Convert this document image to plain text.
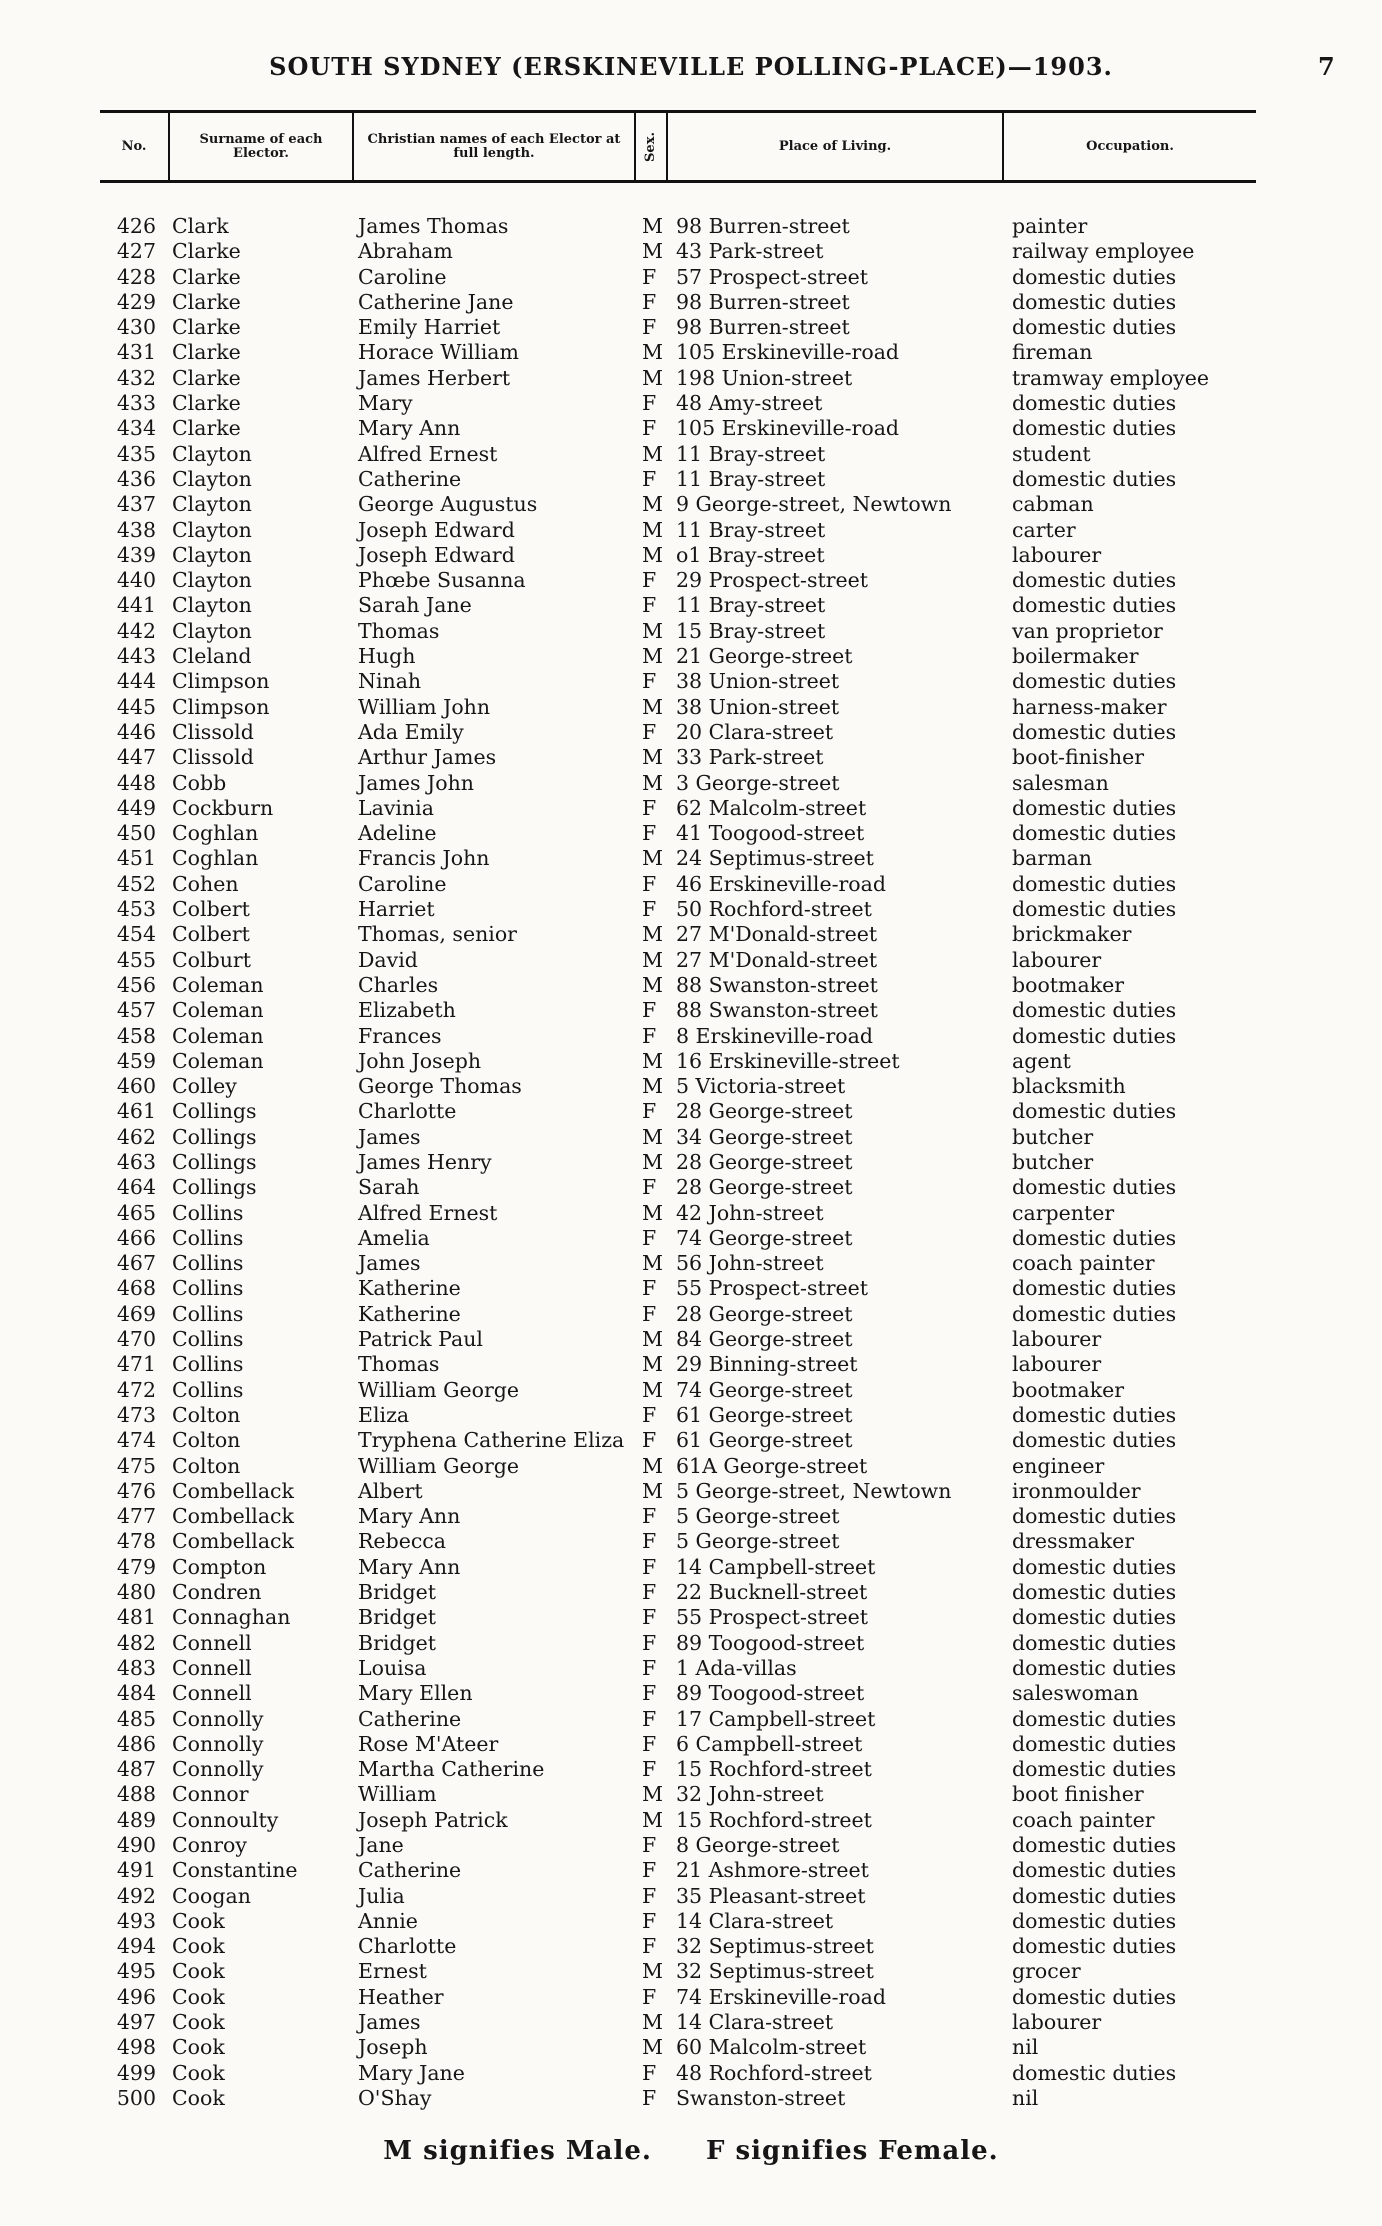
SOUTH SYDNEY (ERSKINEVILLE POLLING-PLACE)—1903.	7
No.	Surname of each Elector.
Christian names of each Elector at full length.	Sex.	Place of Living.	Occupation.
426 Clark	James Thomas	M 98 Burren-street	painter
427 Clarke	Abraham	M 43 Park-street	railway employee
428 Clarke	Caroline	F 57 Prospect-street	domestic duties
429 Clarke	Catherine Jane	F 98 Burren-street	domestic duties
430 Clarke	Emily Harriet	F 98 Burren-street	domestic duties
431 Clarke	Horace William	M 105 Erskineville-road	fireman
432 Clarke	James Herbert	M 198 Union-street	tramway employee
433 Clarke	Mary	F 48 Amy-street	domestic duties
434 Clarke	Mary Ann	F 105 Erskineville-road	domestic duties
435 Clayton	Alfred Ernest	M 11 Bray-street	student
436 Clayton	Catherine	F 11 Bray-street	domestic duties
437 Clayton	George Augustus	M 9 George-street, Newtown	cabman
438 Clayton	Joseph Edward	M 11 Bray-street	carter
439 Clayton	Joseph Edward	M o1 Bray-street	labourer
440 Clayton	Phœbe Susanna	F 29 Prospect-street	domestic duties
441 Clayton	Sarah Jane	F 11 Bray-street	domestic duties
442 Clayton	Thomas	M 15 Bray-street	van proprietor
443 Cleland	Hugh	M 21 George-street	boilermaker
444 Climpson	Ninah	F 38 Union-street	domestic duties
445 Climpson	William John	M 38 Union-street	harness-maker
446 Clissold	Ada Emily	F 20 Clara-street	domestic duties
447 Clissold	Arthur James	M 33 Park-street	boot-finisher
448 Cobb	James John	M 3 George-street	salesman
449 Cockburn	Lavinia	F 62 Malcolm-street	domestic duties
450 Coghlan	Adeline	F 41 Toogood-street	domestic duties
451 Coghlan	Francis John	M 24 Septimus-street	barman
452 Cohen	Caroline	F 46 Erskineville-road	domestic duties
453 Colbert	Harriet	F 50 Rochford-street	domestic duties
454 Colbert	Thomas, senior	M 27 M'Donald-street	brickmaker
455 Colburt	David	M 27 M'Donald-street	labourer
456 Coleman	Charles	M 88 Swanston-street	bootmaker
457 Coleman	Elizabeth	F 88 Swanston-street	domestic duties
458 Coleman	Frances	F 8 Erskineville-road	domestic duties
459 Coleman	John Joseph	M 16 Erskineville-street	agent
460 Colley	George Thomas	M 5 Victoria-street	blacksmith
461 Collings	Charlotte	F 28 George-street	domestic duties
462 Collings	James	M 34 George-street	butcher
463 Collings	James Henry	M 28 George-street	butcher
464 Collings	Sarah	F 28 George-street	domestic duties
465 Collins	Alfred Ernest	M 42 John-street	carpenter
466 Collins	Amelia	F 74 George-street	domestic duties
467 Collins	James	M 56 John-street	coach painter
468 Collins	Katherine	F 55 Prospect-street	domestic duties
469 Collins	Katherine	F 28 George-street	domestic duties
470 Collins	Patrick Paul	M 84 George-street	labourer
471 Collins	Thomas	M 29 Binning-street	labourer
472 Collins	William George	M 74 George-street	bootmaker
473 Colton	Eliza	F 61 George-street	domestic duties
474 Colton	Tryphena Catherine Eliza F 61 George-street	domestic duties
475 Colton	William George	M 61A George-street	engineer
476 Combellack	Albert	M 5 George-street, Newtown	ironmoulder
477 Combellack	Mary Ann	F 5 George-street	domestic duties
478 Combellack	Rebecca	F 5 George-street	dressmaker
479 Compton	Mary Ann	F 14 Campbell-street	domestic duties
480 Condren	Bridget	F 22 Bucknell-street	domestic duties
481 Connaghan	Bridget	F 55 Prospect-street	domestic duties
482 Connell	Bridget	F 89 Toogood-street	domestic duties
483 Connell	Louisa	F 1 Ada-villas	domestic duties
484 Connell	Mary Ellen	F 89 Toogood-street	saleswoman
485 Connolly	Catherine	F 17 Campbell-street	domestic duties
486 Connolly	Rose M'Ateer	F 6 Campbell-street	domestic duties
487 Connolly	Martha Catherine	F 15 Rochford-street	domestic duties
488 Connor	William	M 32 John-street	boot finisher
489 Connoulty	Joseph Patrick	M 15 Rochford-street	coach painter
490 Conroy	Jane	F 8 George-street	domestic duties
491 Constantine	Catherine	F 21 Ashmore-street	domestic duties
492 Coogan	Julia	F 35 Pleasant-street	domestic duties
493 Cook	Annie	F 14 Clara-street	domestic duties
494 Cook	Charlotte	F 32 Septimus-street	domestic duties
495 Cook	Ernest	M 32 Septimus-street	grocer
496 Cook	Heather	F 74 Erskineville-road	domestic duties
497 Cook	James	M 14 Clara-street	labourer
498 Cook	Joseph	M 60 Malcolm-street	nil
499 Cook	Mary Jane	F 48 Rochford-street	domestic duties
500 Cook	O'Shay	F Swanston-street	nil
M signifies Male. F signifies Female.
